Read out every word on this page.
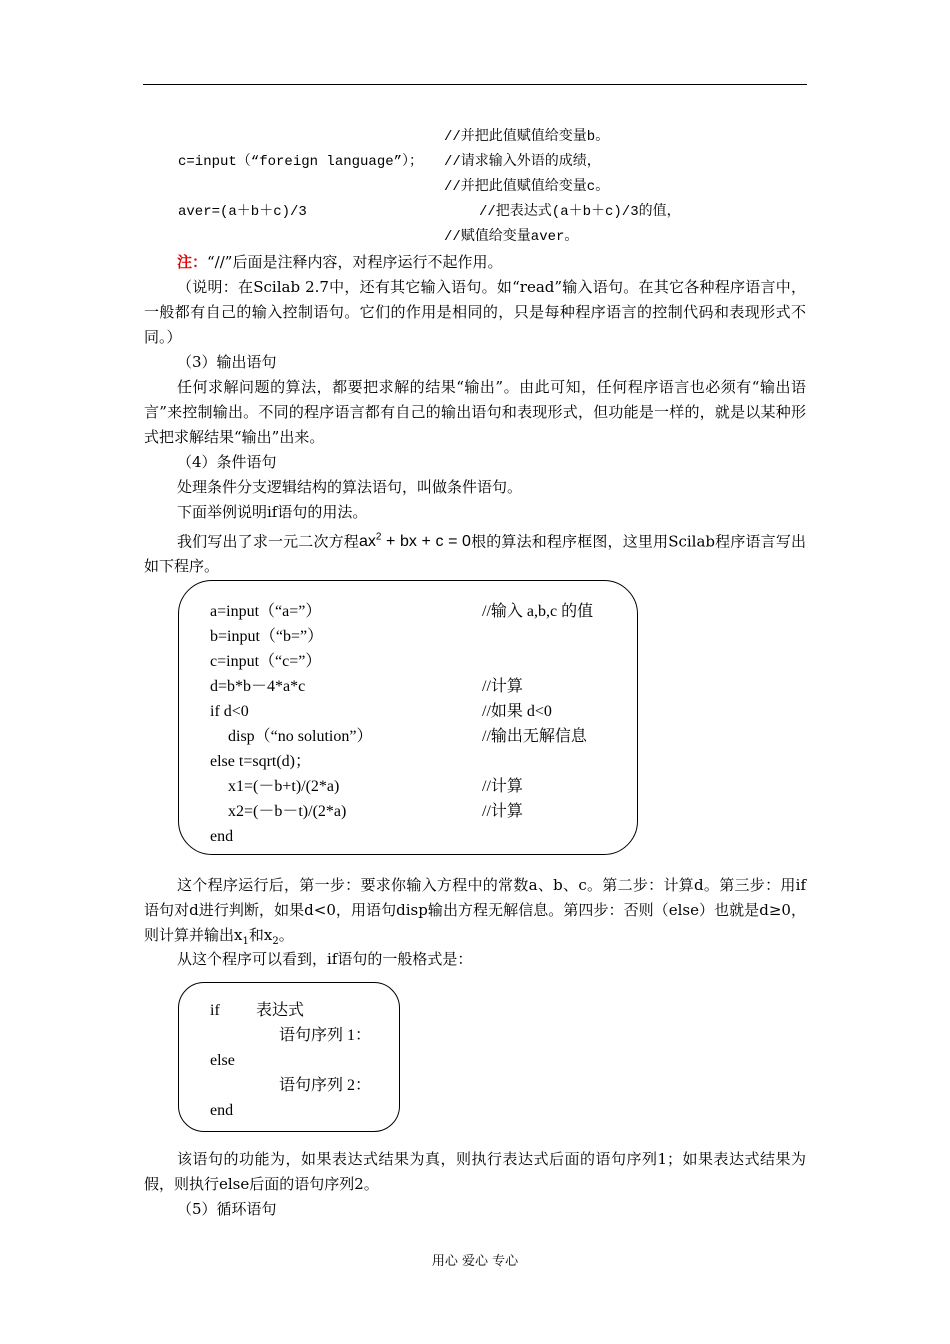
//并把此值赋值给变量b。
c=input（“foreign language”）； //请求输入外语的成绩，
//并把此值赋值给变量c。
aver=(a＋b＋c)/3	//把表达式(a＋b＋c)/3的值，
//赋值给变量aver。
注：“//”后面是注释内容，对程序运行不起作用。
（说明：在Scilab 2.7中，还有其它输入语句。如“read”输入语句。在其它各种程序语言中，一般都有自己的输入控制语句。它们的作用是相同的，只是每种程序语言的控制代码和表现形式不同。）
（3）输出语句
任何求解问题的算法，都要把求解的结果“输出”。由此可知，任何程序语言也必须有“输出语言”来控制输出。不同的程序语言都有自己的输出语句和表现形式，但功能是一样的，就是以某种形式把求解结果“输出”出来。
（4）条件语句
处理条件分支逻辑结构的算法语句，叫做条件语句。
下面举例说明if语句的用法。
我们写出了求一元二次方程$ax^2$ + bx + c = 0根的算法和程序框图，这里用Scilab程序语言写出如下程序。
a=input（“a=”）	//输入 a,b,c 的值
b=input（“b=”）
c=input（“c=”）
d=b*b－4*a*c	//计算
if d<0	//如果 d<0
disp（“no solution”）	//输出无解信息
else t=sqrt(d)；
x1=(－b+t)/(2*a)	//计算
x2=(－b－t)/(2*a)	//计算
end
这个程序运行后，第一步：要求你输入方程中的常数a、b、c。第二步：计算d。第三步：用if语句对d进行判断，如果d<0，用语句disp输出方程无解信息。第四步：否则（else）也就是d≥0，则计算并输出$x_1$和$x_2$。
从这个程序可以看到，if语句的一般格式是：
if 表达式
语句序列 1：
else
语句序列 2：
end
该语句的功能为，如果表达式结果为真，则执行表达式后面的语句序列1；如果表达式结果为假，则执行else后面的语句序列2。
（5）循环语句
用心 爱心 专心
